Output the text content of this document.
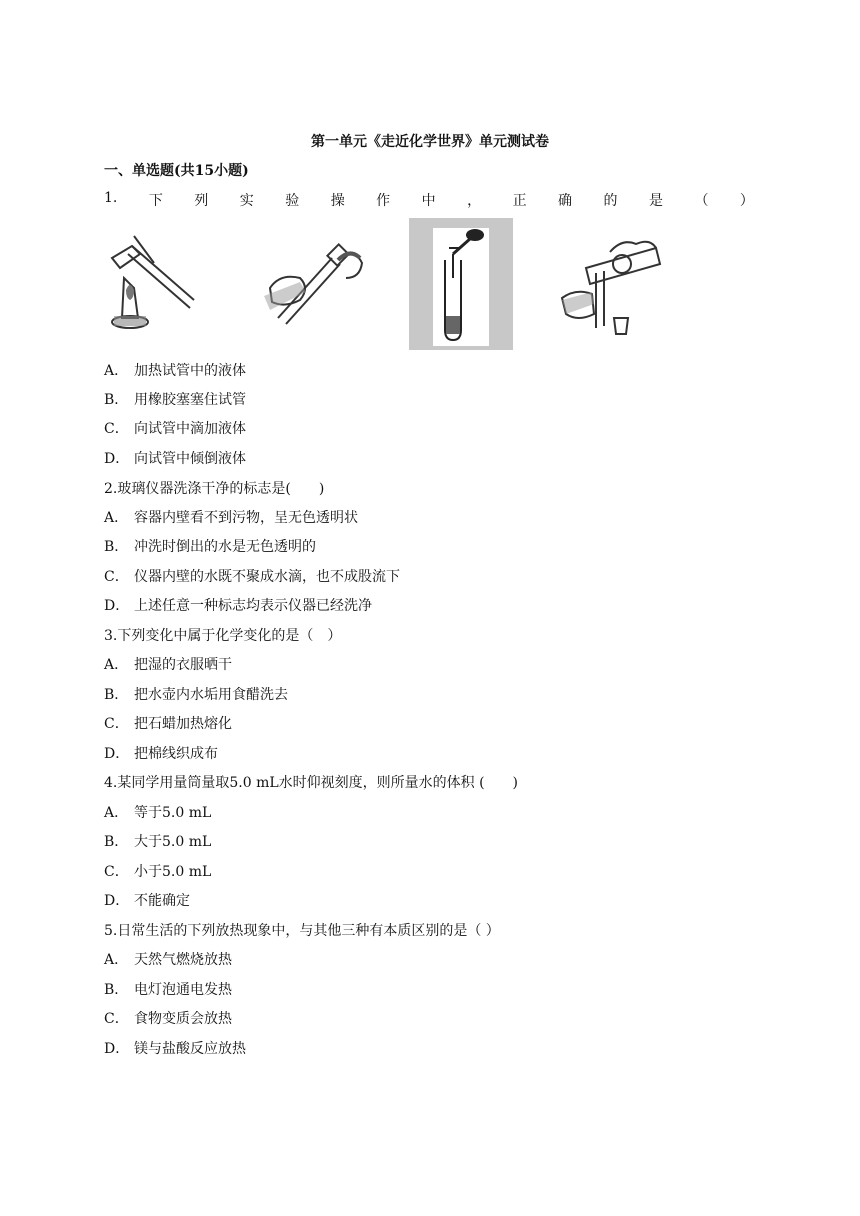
第一单元《走近化学世界》单元测试卷
一、单选题(共15小题)
1. 下 列 实 验 操 作 中 ， 正 确 的 是 （ ）
A． 加热试管中的液体
B． 用橡胶塞塞住试管
C． 向试管中滴加液体
D． 向试管中倾倒液体
2.玻璃仪器洗涤干净的标志是(　　)
A． 容器内壁看不到污物，呈无色透明状
B． 冲洗时倒出的水是无色透明的
C． 仪器内壁的水既不聚成水滴，也不成股流下
D． 上述任意一种标志均表示仪器已经洗净
3.下列变化中属于化学变化的是（　）
A． 把湿的衣服晒干
B． 把水壶内水垢用食醋洗去
C． 把石蜡加热熔化
D． 把棉线织成布
4.某同学用量筒量取5.0 mL水时仰视刻度，则所量水的体积 (　　)
A． 等于5.0 mL
B． 大于5.0 mL
C． 小于5.0 mL
D． 不能确定
5.日常生活的下列放热现象中，与其他三种有本质区别的是（ ）
A． 天然气燃烧放热
B． 电灯泡通电发热
C． 食物变质会放热
D． 镁与盐酸反应放热
